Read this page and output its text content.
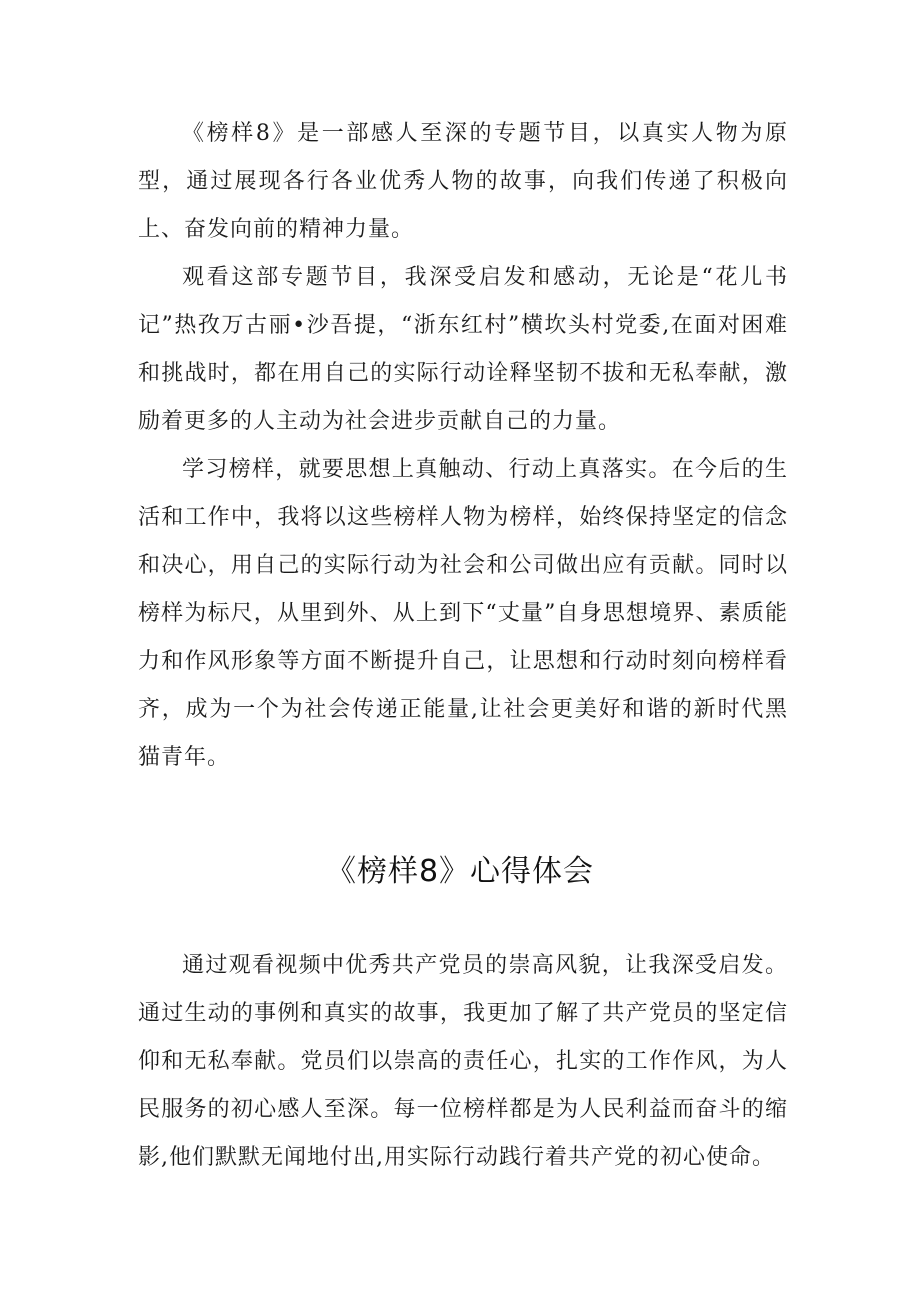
《榜样8》是一部感人至深的专题节目，以真实人物为原型，通过展现各行各业优秀人物的故事，向我们传递了积极向上、奋发向前的精神力量。

观看这部专题节目，我深受启发和感动，无论是“花儿书记”热孜万古丽•沙吾提，“浙东红村”横坎头村党委,在面对困难和挑战时，都在用自己的实际行动诠释坚韧不拔和无私奉献，激励着更多的人主动为社会进步贡献自己的力量。

学习榜样，就要思想上真触动、行动上真落实。在今后的生活和工作中，我将以这些榜样人物为榜样，始终保持坚定的信念和决心，用自己的实际行动为社会和公司做出应有贡献。同时以榜样为标尺，从里到外、从上到下“丈量”自身思想境界、素质能力和作风形象等方面不断提升自己，让思想和行动时刻向榜样看齐，成为一个为社会传递正能量,让社会更美好和谐的新时代黑猫青年。

《榜样8》心得体会

通过观看视频中优秀共产党员的崇高风貌，让我深受启发。通过生动的事例和真实的故事，我更加了解了共产党员的坚定信仰和无私奉献。党员们以崇高的责任心，扎实的工作作风，为人民服务的初心感人至深。每一位榜样都是为人民利益而奋斗的缩影,他们默默无闻地付出,用实际行动践行着共产党的初心使命。
